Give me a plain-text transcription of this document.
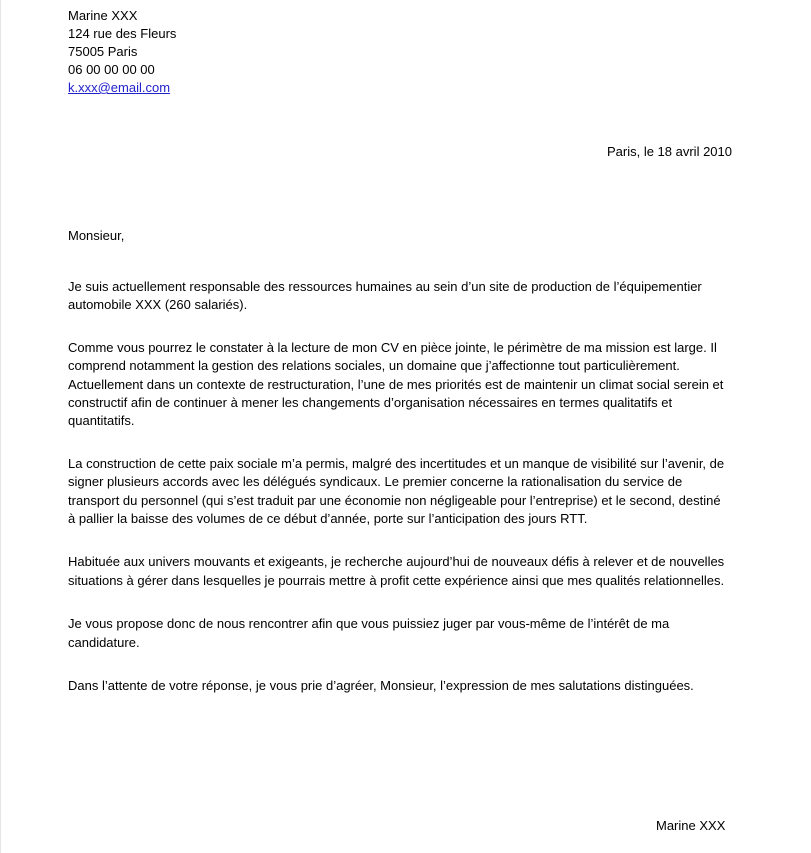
Marine XXX
124 rue des Fleurs
75005 Paris
06 00 00 00 00
k.xxx@email.com
Paris, le 18 avril 2010
Monsieur,

Je suis actuellement responsable des ressources humaines au sein d’un site de production de l’équipementier automobile XXX (260 salariés).

Comme vous pourrez le constater à la lecture de mon CV en pièce jointe, le périmètre de ma mission est large. Il comprend notamment la gestion des relations sociales, un domaine que j’affectionne tout particulièrement. Actuellement dans un contexte de restructuration, l’une de mes priorités est de maintenir un climat social serein et constructif afin de continuer à mener les changements d’organisation nécessaires en termes qualitatifs et quantitatifs.

La construction de cette paix sociale m’a permis, malgré des incertitudes et un manque de visibilité sur l’avenir, de signer plusieurs accords avec les délégués syndicaux. Le premier concerne la rationalisation du service de transport du personnel (qui s’est traduit par une économie non négligeable pour l’entreprise) et le second, destiné à pallier la baisse des volumes de ce début d’année, porte sur l’anticipation des jours RTT.

Habituée aux univers mouvants et exigeants, je recherche aujourd’hui de nouveaux défis à relever et de nouvelles situations à gérer dans lesquelles je pourrais mettre à profit cette expérience ainsi que mes qualités relationnelles.

Je vous propose donc de nous rencontrer afin que vous puissiez juger par vous-même de l’intérêt de ma candidature.

Dans l’attente de votre réponse, je vous prie d’agréer, Monsieur, l’expression de mes salutations distinguées.

Marine XXX
